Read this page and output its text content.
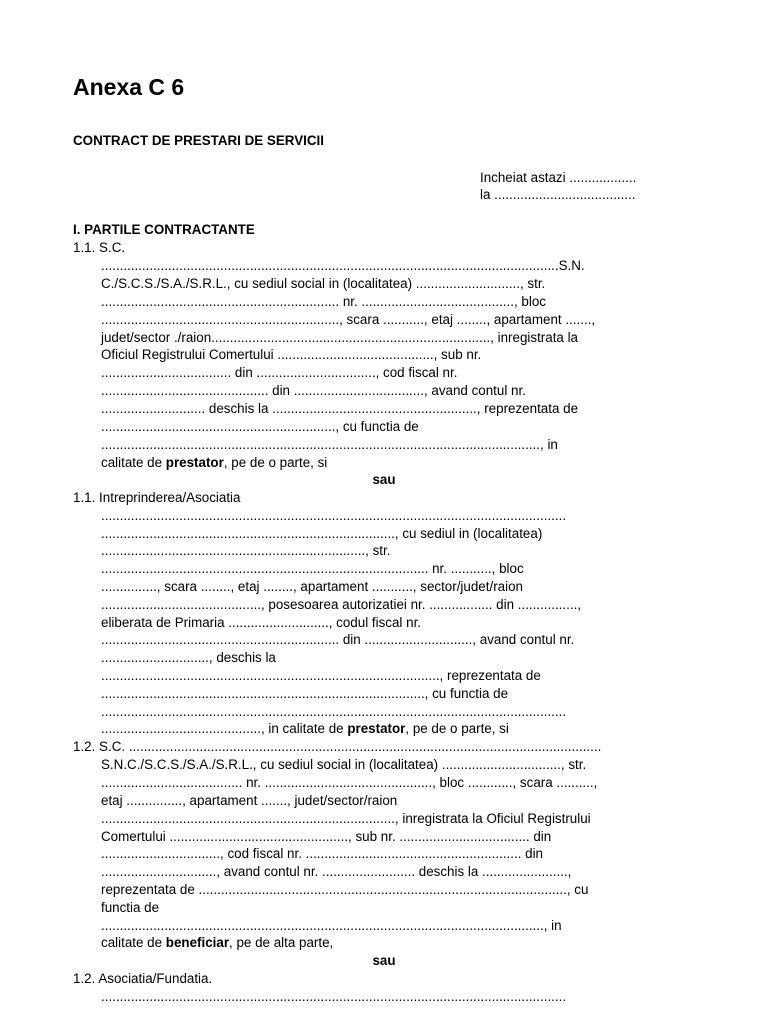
Anexa C 6
CONTRACT DE PRESTARI DE SERVICII
Incheiat astazi ..................
la ......................................
I. PARTILE CONTRACTANTE
1.1. S.C.
...........................................................................................................................S.N.
C./S.C.S./S.A./S.R.L., cu sediul social in (localitatea) ............................, str.
................................................................ nr. ........................................., bloc
................................................................, scara ..........., etaj ........, apartament .......,
judet/sector ./raion..........................................................................., inregistrata la
Oficiul Registrului Comertului .........................................., sub nr.
................................... din ................................, cod fiscal nr.
............................................. din ..................................., avand contul nr.
............................ deschis la ......................................................., reprezentata de
..............................................................., cu functia de
......................................................................................................................, in
calitate de prestator, pe de o parte, si
sau
1.1. Intreprinderea/Asociatia
.............................................................................................................................
..............................................................................., cu sediul in (localitatea)
......................................................................., str.
........................................................................................ nr. ..........., bloc
..............., scara ........, etaj ........, apartament ..........., sector/judet/raion
..........................................., posesoarea autorizatiei nr. ................. din ................,
eliberata de Primaria ..........................., codul fiscal nr.
................................................................ din ............................., avand contul nr.
............................., deschis la
..........................................................................................., reprezentata de
......................................................................................., cu functia de
.............................................................................................................................
..........................................., in calitate de prestator, pe de o parte, si
1.2. S.C. ...............................................................................................................................
S.N.C./S.C.S./S.A./S.R.L., cu sediul social in (localitatea) ................................, str.
...................................... nr. ............................................., bloc ............, scara ..........,
etaj ..............., apartament ......., judet/sector/raion
..............................................................................., inregistrata la Oficiul Registrului
Comertului ................................................, sub nr. ................................... din
................................, cod fiscal nr. .......................................................... din
..............................., avand contul nr. ......................... deschis la .......................,
reprezentata de ..................................................................................................., cu
functia de
......................................................................................................................., in
calitate de beneficiar, pe de alta parte,
sau
1.2. Asociatia/Fundatia.
.............................................................................................................................
